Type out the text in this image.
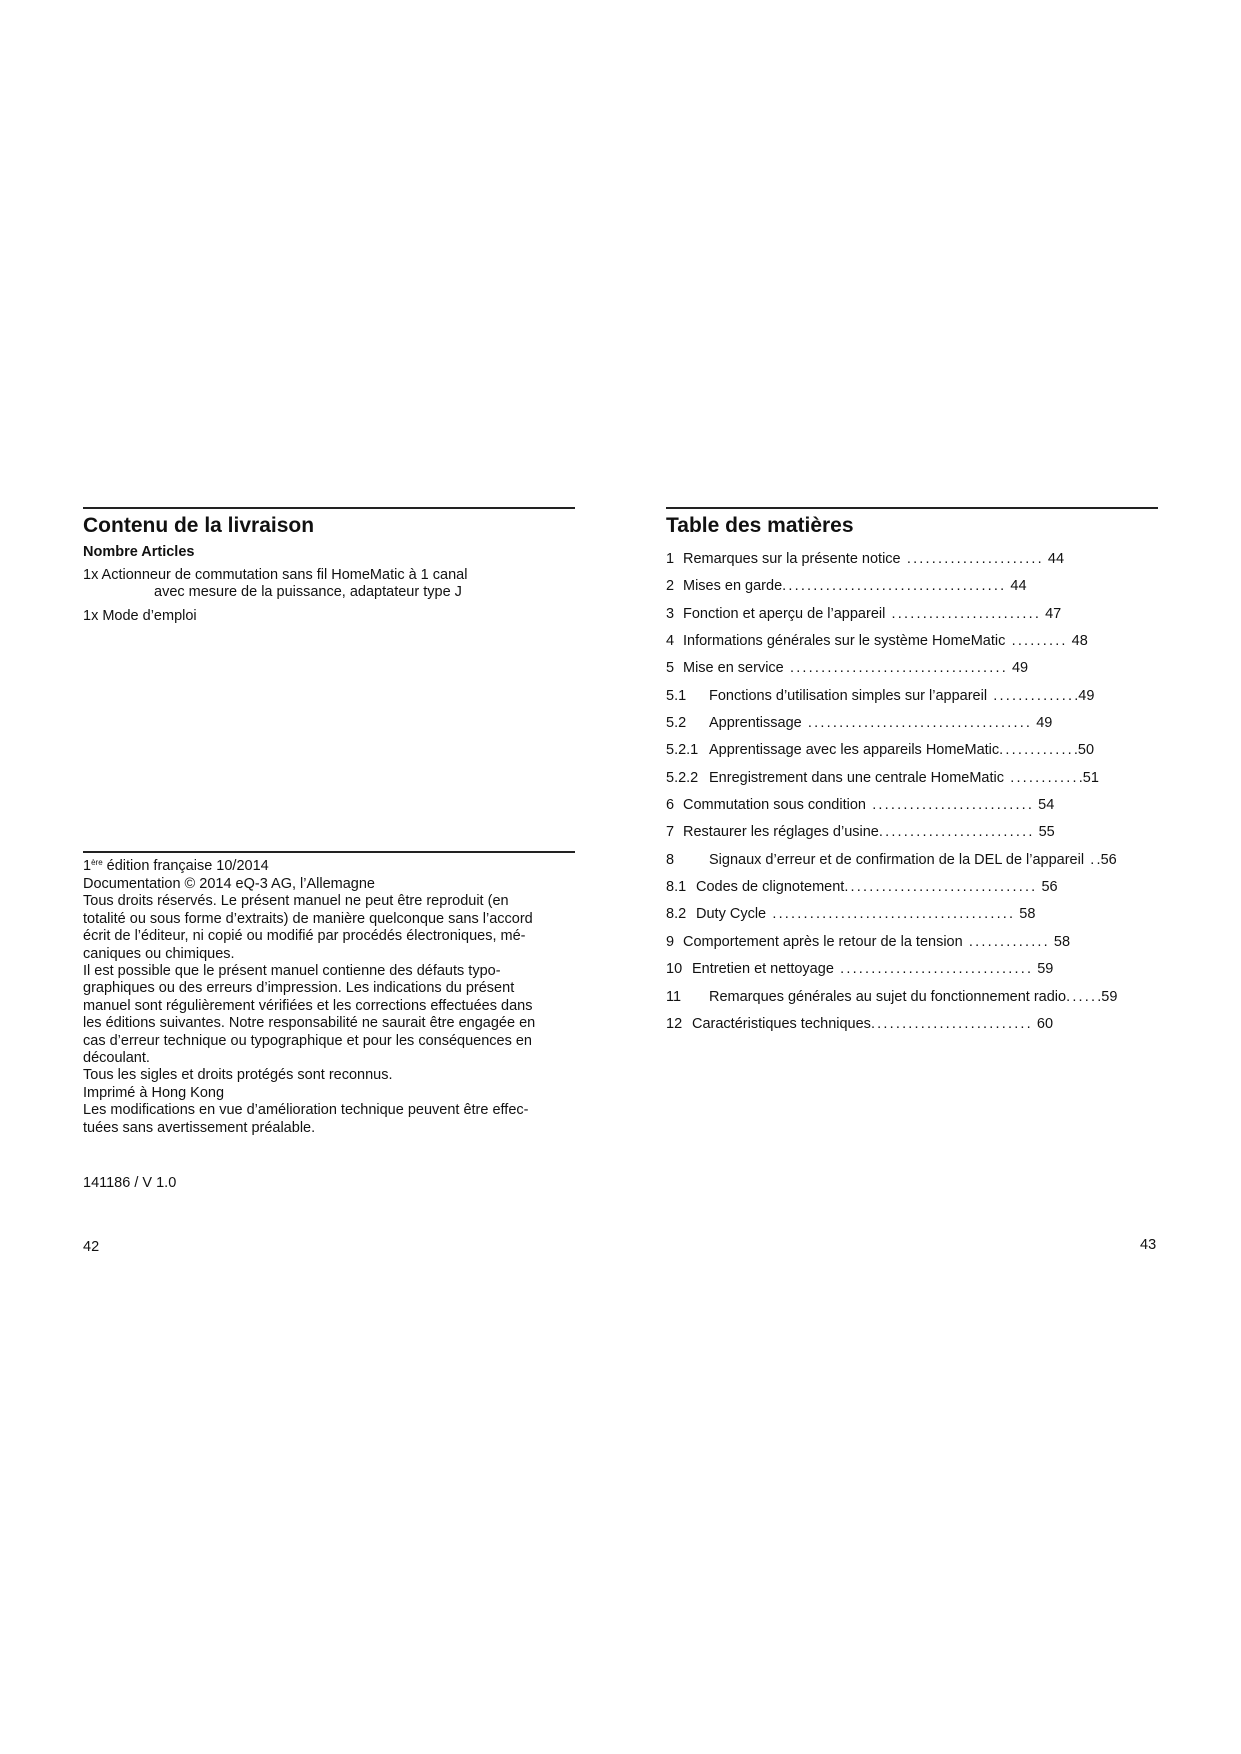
Contenu de la livraison
Nombre Articles
1x Actionneur de commutation sans fil HomeMatic à 1 canal
avec mesure de la puissance, adaptateur type J
1x Mode d’emploi
1ère édition française 10/2014
Documentation © 2014 eQ-3 AG, l’Allemagne
Tous droits réservés. Le présent manuel ne peut être reproduit (en
totalité ou sous forme d’extraits) de manière quelconque sans l’accord
écrit de l’éditeur, ni copié ou modifié par procédés électroniques, mé-
caniques ou chimiques.
Il est possible que le présent manuel contienne des défauts typo-
graphiques ou des erreurs d’impression. Les indications du présent
manuel sont régulièrement vérifiées et les corrections effectuées dans
les éditions suivantes. Notre responsabilité ne saurait être engagée en
cas d’erreur technique ou typographique et pour les conséquences en
découlant.
Tous les sigles et droits protégés sont reconnus.
Imprimé à Hong Kong
Les modifications en vue d’amélioration technique peuvent être effec-
tuées sans avertissement préalable.
141186 / V 1.0
42
Table des matières
1 Remarques sur la présente notice ...................... 44
2 Mises en garde.................................... 44
3 Fonction et aperçu de l’appareil ........................ 47
4 Informations générales sur le système HomeMatic ......... 48
5 Mise en service ................................... 49
5.1 Fonctions d’utilisation simples sur l’appareil ..............49
5.2 Apprentissage .................................... 49
5.2.1 Apprentissage avec les appareils HomeMatic.............50
5.2.2 Enregistrement dans une centrale HomeMatic ............51
6 Commutation sous condition .......................... 54
7 Restaurer les réglages d’usine......................... 55
8 Signaux d’erreur et de confirmation de la DEL de l’appareil ..56
8.1 Codes de clignotement............................... 56
8.2 Duty Cycle ....................................... 58
9 Comportement après le retour de la tension ............. 58
10 Entretien et nettoyage ............................... 59
11 Remarques générales au sujet du fonctionnement radio......59
12 Caractéristiques techniques.......................... 60
43
